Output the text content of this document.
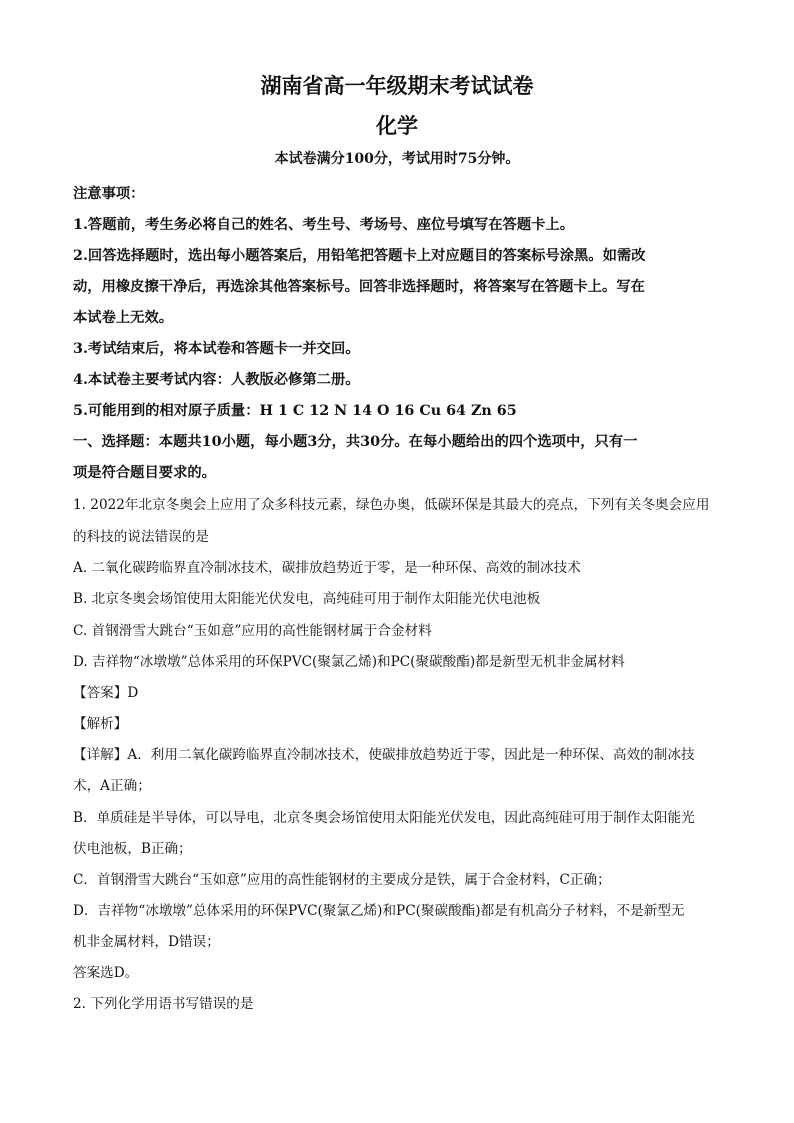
湖南省高一年级期末考试试卷
化学
本试卷满分100分，考试用时75分钟。
注意事项：
1.答题前，考生务必将自己的姓名、考生号、考场号、座位号填写在答题卡上。
2.回答选择题时，选出每小题答案后，用铅笔把答题卡上对应题目的答案标号涂黑。如需改
动，用橡皮擦干净后，再选涂其他答案标号。回答非选择题时，将答案写在答题卡上。写在
本试卷上无效。
3.考试结束后，将本试卷和答题卡一并交回。
4.本试卷主要考试内容：人教版必修第二册。
5.可能用到的相对原子质量：H 1 C 12 N 14 O 16 Cu 64 Zn 65
一、选择题：本题共10小题，每小题3分，共30分。在每小题给出的四个选项中，只有一
项是符合题目要求的。
1. 2022年北京冬奥会上应用了众多科技元素，绿色办奥，低碳环保是其最大的亮点，下列有关冬奥会应用
的科技的说法错误的是
A. 二氧化碳跨临界直冷制冰技术，碳排放趋势近于零，是一种环保、高效的制冰技术
B. 北京冬奥会场馆使用太阳能光伏发电，高纯硅可用于制作太阳能光伏电池板
C. 首钢滑雪大跳台“玉如意”应用的高性能钢材属于合金材料
D. 吉祥物“冰墩墩”总体采用的环保PVC(聚氯乙烯)和PC(聚碳酸酯)都是新型无机非金属材料
【答案】D
【解析】
【详解】A．利用二氧化碳跨临界直冷制冰技术，使碳排放趋势近于零，因此是一种环保、高效的制冰技
术，A正确；
B．单质硅是半导体，可以导电，北京冬奥会场馆使用太阳能光伏发电，因此高纯硅可用于制作太阳能光
伏电池板，B正确；
C．首钢滑雪大跳台“玉如意”应用的高性能钢材的主要成分是铁，属于合金材料，C正确；
D．吉祥物“冰墩墩”总体采用的环保PVC(聚氯乙烯)和PC(聚碳酸酯)都是有机高分子材料，不是新型无
机非金属材料，D错误；
答案选D。
2. 下列化学用语书写错误的是
